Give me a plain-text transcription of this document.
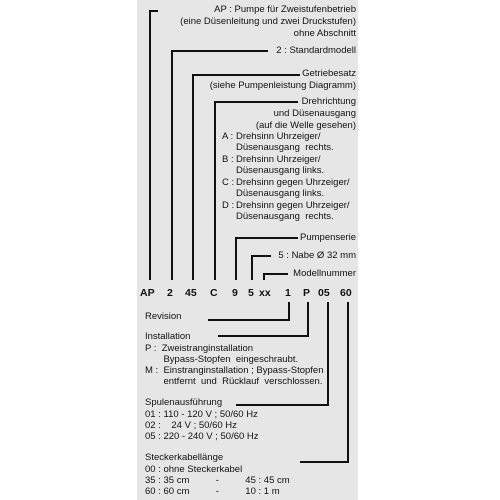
AP 2 45 C 9 5 xx 1 P 05 60
AP : Pumpe für Zweistufenbetrieb
(eine Düsenleitung und zwei Druckstufen)
ohne Abschnitt
2 : Standardmodell
Getriebesatz
(siehe Pumpenleistung Diagramm)
Drehrichtung
und Düsenausgang
(auf die Welle gesehen)
A : Drehsinn Uhrzeiger/
Düsenausgang  rechts.
B : Drehsinn Uhrzeiger/
Düsenausgang links.
C : Drehsinn gegen Uhrzeiger/
Düsenausgang links.
D : Drehsinn gegen Uhrzeiger/
Düsenausgang  rechts.
Pumpenserie
5 : Nabe Ø 32 mm
Modellnummer
Revision
Installation
P :  Zweistranginstallation
Bypass-Stopfen  eingeschraubt.
M :  Einstranginstallation ; Bypass-Stopfen
entfernt  und  Rücklauf  verschlossen.
Spulenausführung
01 : 110 - 120 V ; 50/60 Hz
02 :    24 V ; 50/60 Hz
05 : 220 - 240 V ; 50/60 Hz
Steckerkabellänge
00 : ohne Steckerkabel
35 : 35 cm          -          45 : 45 cm
60 : 60 cm          -          10 : 1 m
